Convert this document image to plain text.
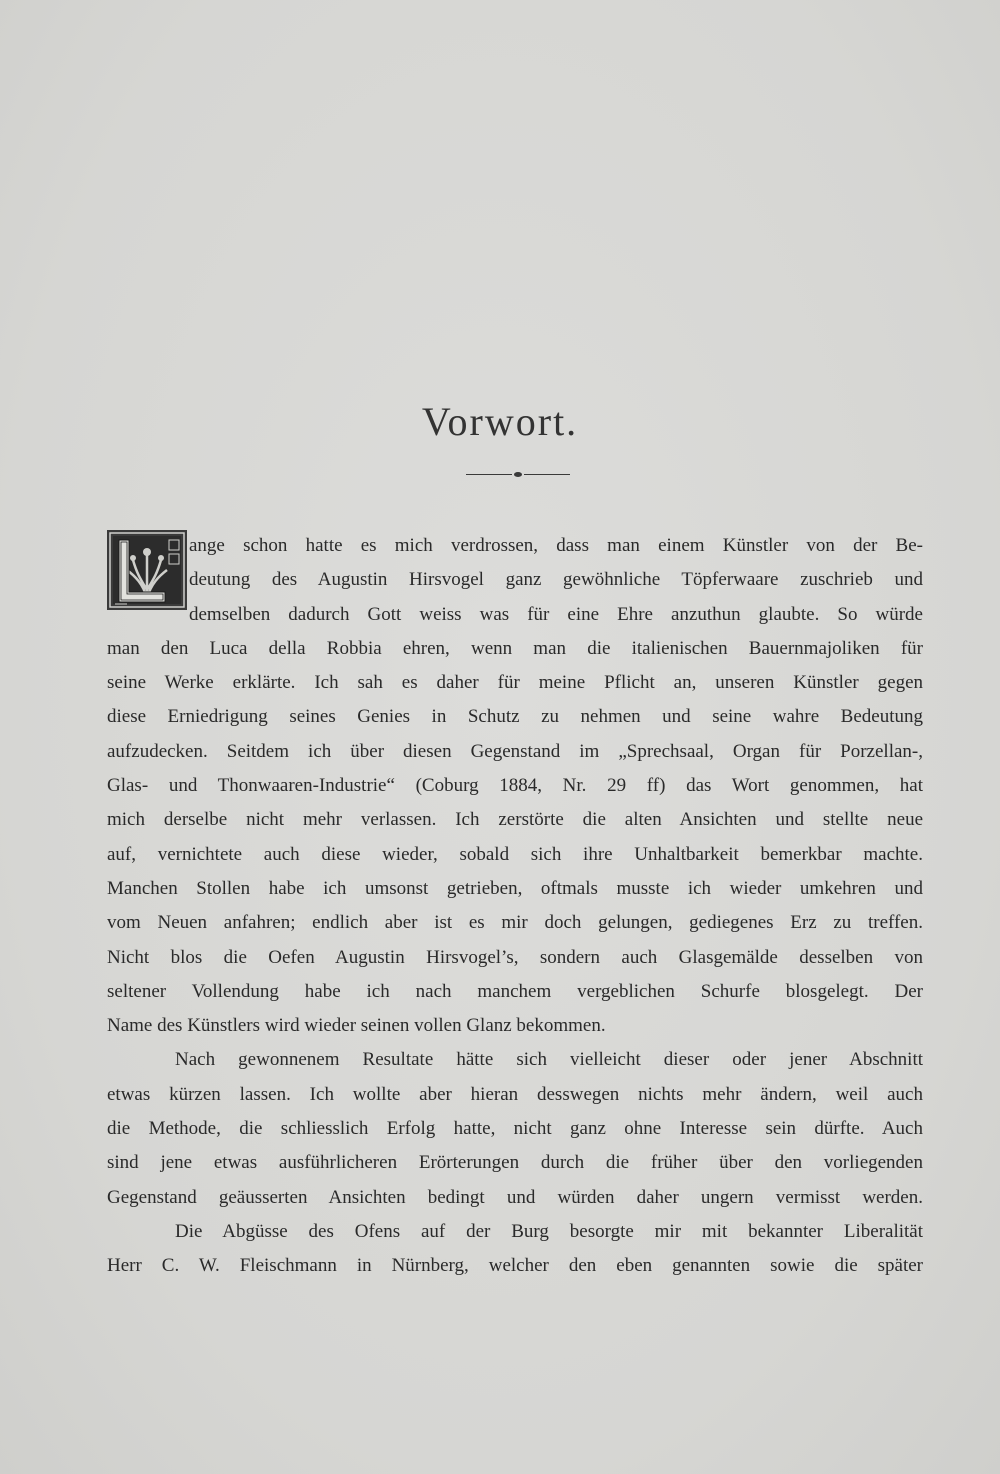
Vorwort.
ange schon hatte es mich verdrossen, dass man einem Künstler von der Be-
deutung des Augustin Hirsvogel ganz gewöhnliche Töpferwaare zuschrieb und
demselben dadurch Gott weiss was für eine Ehre anzuthun glaubte. So würde
man den Luca della Robbia ehren, wenn man die italienischen Bauernmajoliken für
seine Werke erklärte. Ich sah es daher für meine Pflicht an, unseren Künstler gegen
diese Erniedrigung seines Genies in Schutz zu nehmen und seine wahre Bedeutung
aufzudecken. Seitdem ich über diesen Gegenstand im „Sprechsaal, Organ für Porzellan-,
Glas- und Thonwaaren-Industrie“ (Coburg 1884, Nr. 29 ff) das Wort genommen, hat
mich derselbe nicht mehr verlassen. Ich zerstörte die alten Ansichten und stellte neue
auf, vernichtete auch diese wieder, sobald sich ihre Unhaltbarkeit bemerkbar machte.
Manchen Stollen habe ich umsonst getrieben, oftmals musste ich wieder umkehren und
vom Neuen anfahren; endlich aber ist es mir doch gelungen, gediegenes Erz zu treffen.
Nicht blos die Oefen Augustin Hirsvogel’s, sondern auch Glasgemälde desselben von
seltener Vollendung habe ich nach manchem vergeblichen Schurfe blosgelegt. Der
Name des Künstlers wird wieder seinen vollen Glanz bekommen.
Nach gewonnenem Resultate hätte sich vielleicht dieser oder jener Abschnitt
etwas kürzen lassen. Ich wollte aber hieran desswegen nichts mehr ändern, weil auch
die Methode, die schliesslich Erfolg hatte, nicht ganz ohne Interesse sein dürfte. Auch
sind jene etwas ausführlicheren Erörterungen durch die früher über den vorliegenden
Gegenstand geäusserten Ansichten bedingt und würden daher ungern vermisst werden.
Die Abgüsse des Ofens auf der Burg besorgte mir mit bekannter Liberalität
Herr C. W. Fleischmann in Nürnberg, welcher den eben genannten sowie die später
